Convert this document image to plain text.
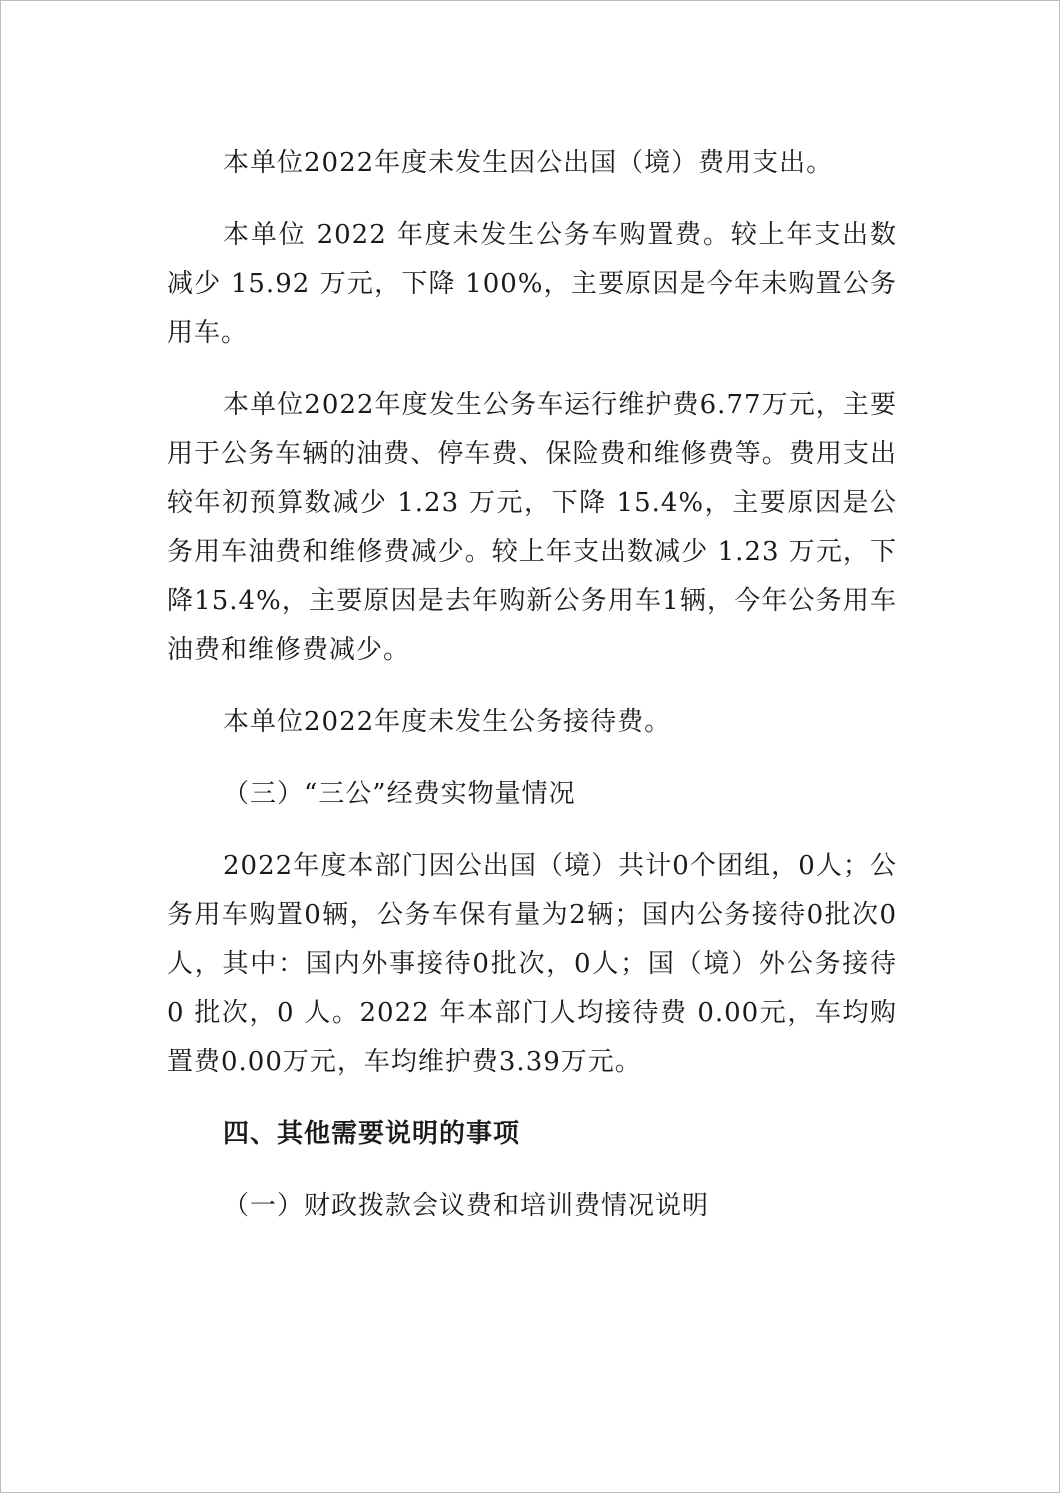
本单位2022年度未发生因公出国（境）费用支出。

本单位 2022 年度未发生公务车购置费。较上年支出数减少 15.92 万元，下降 100%，主要原因是今年未购置公务用车。

本单位2022年度发生公务车运行维护费6.77万元，主要用于公务车辆的油费、停车费、保险费和维修费等。费用支出较年初预算数减少 1.23 万元，下降 15.4%，主要原因是公务用车油费和维修费减少。较上年支出数减少 1.23 万元，下降15.4%，主要原因是去年购新公务用车1辆，今年公务用车油费和维修费减少。

本单位2022年度未发生公务接待费。

（三）“三公”经费实物量情况

2022年度本部门因公出国（境）共计0个团组，0人；公务用车购置0辆，公务车保有量为2辆；国内公务接待0批次0人，其中：国内外事接待0批次，0人；国（境）外公务接待 0 批次，0 人。2022 年本部门人均接待费 0.00元，车均购置费0.00万元，车均维护费3.39万元。

四、其他需要说明的事项

（一）财政拨款会议费和培训费情况说明
